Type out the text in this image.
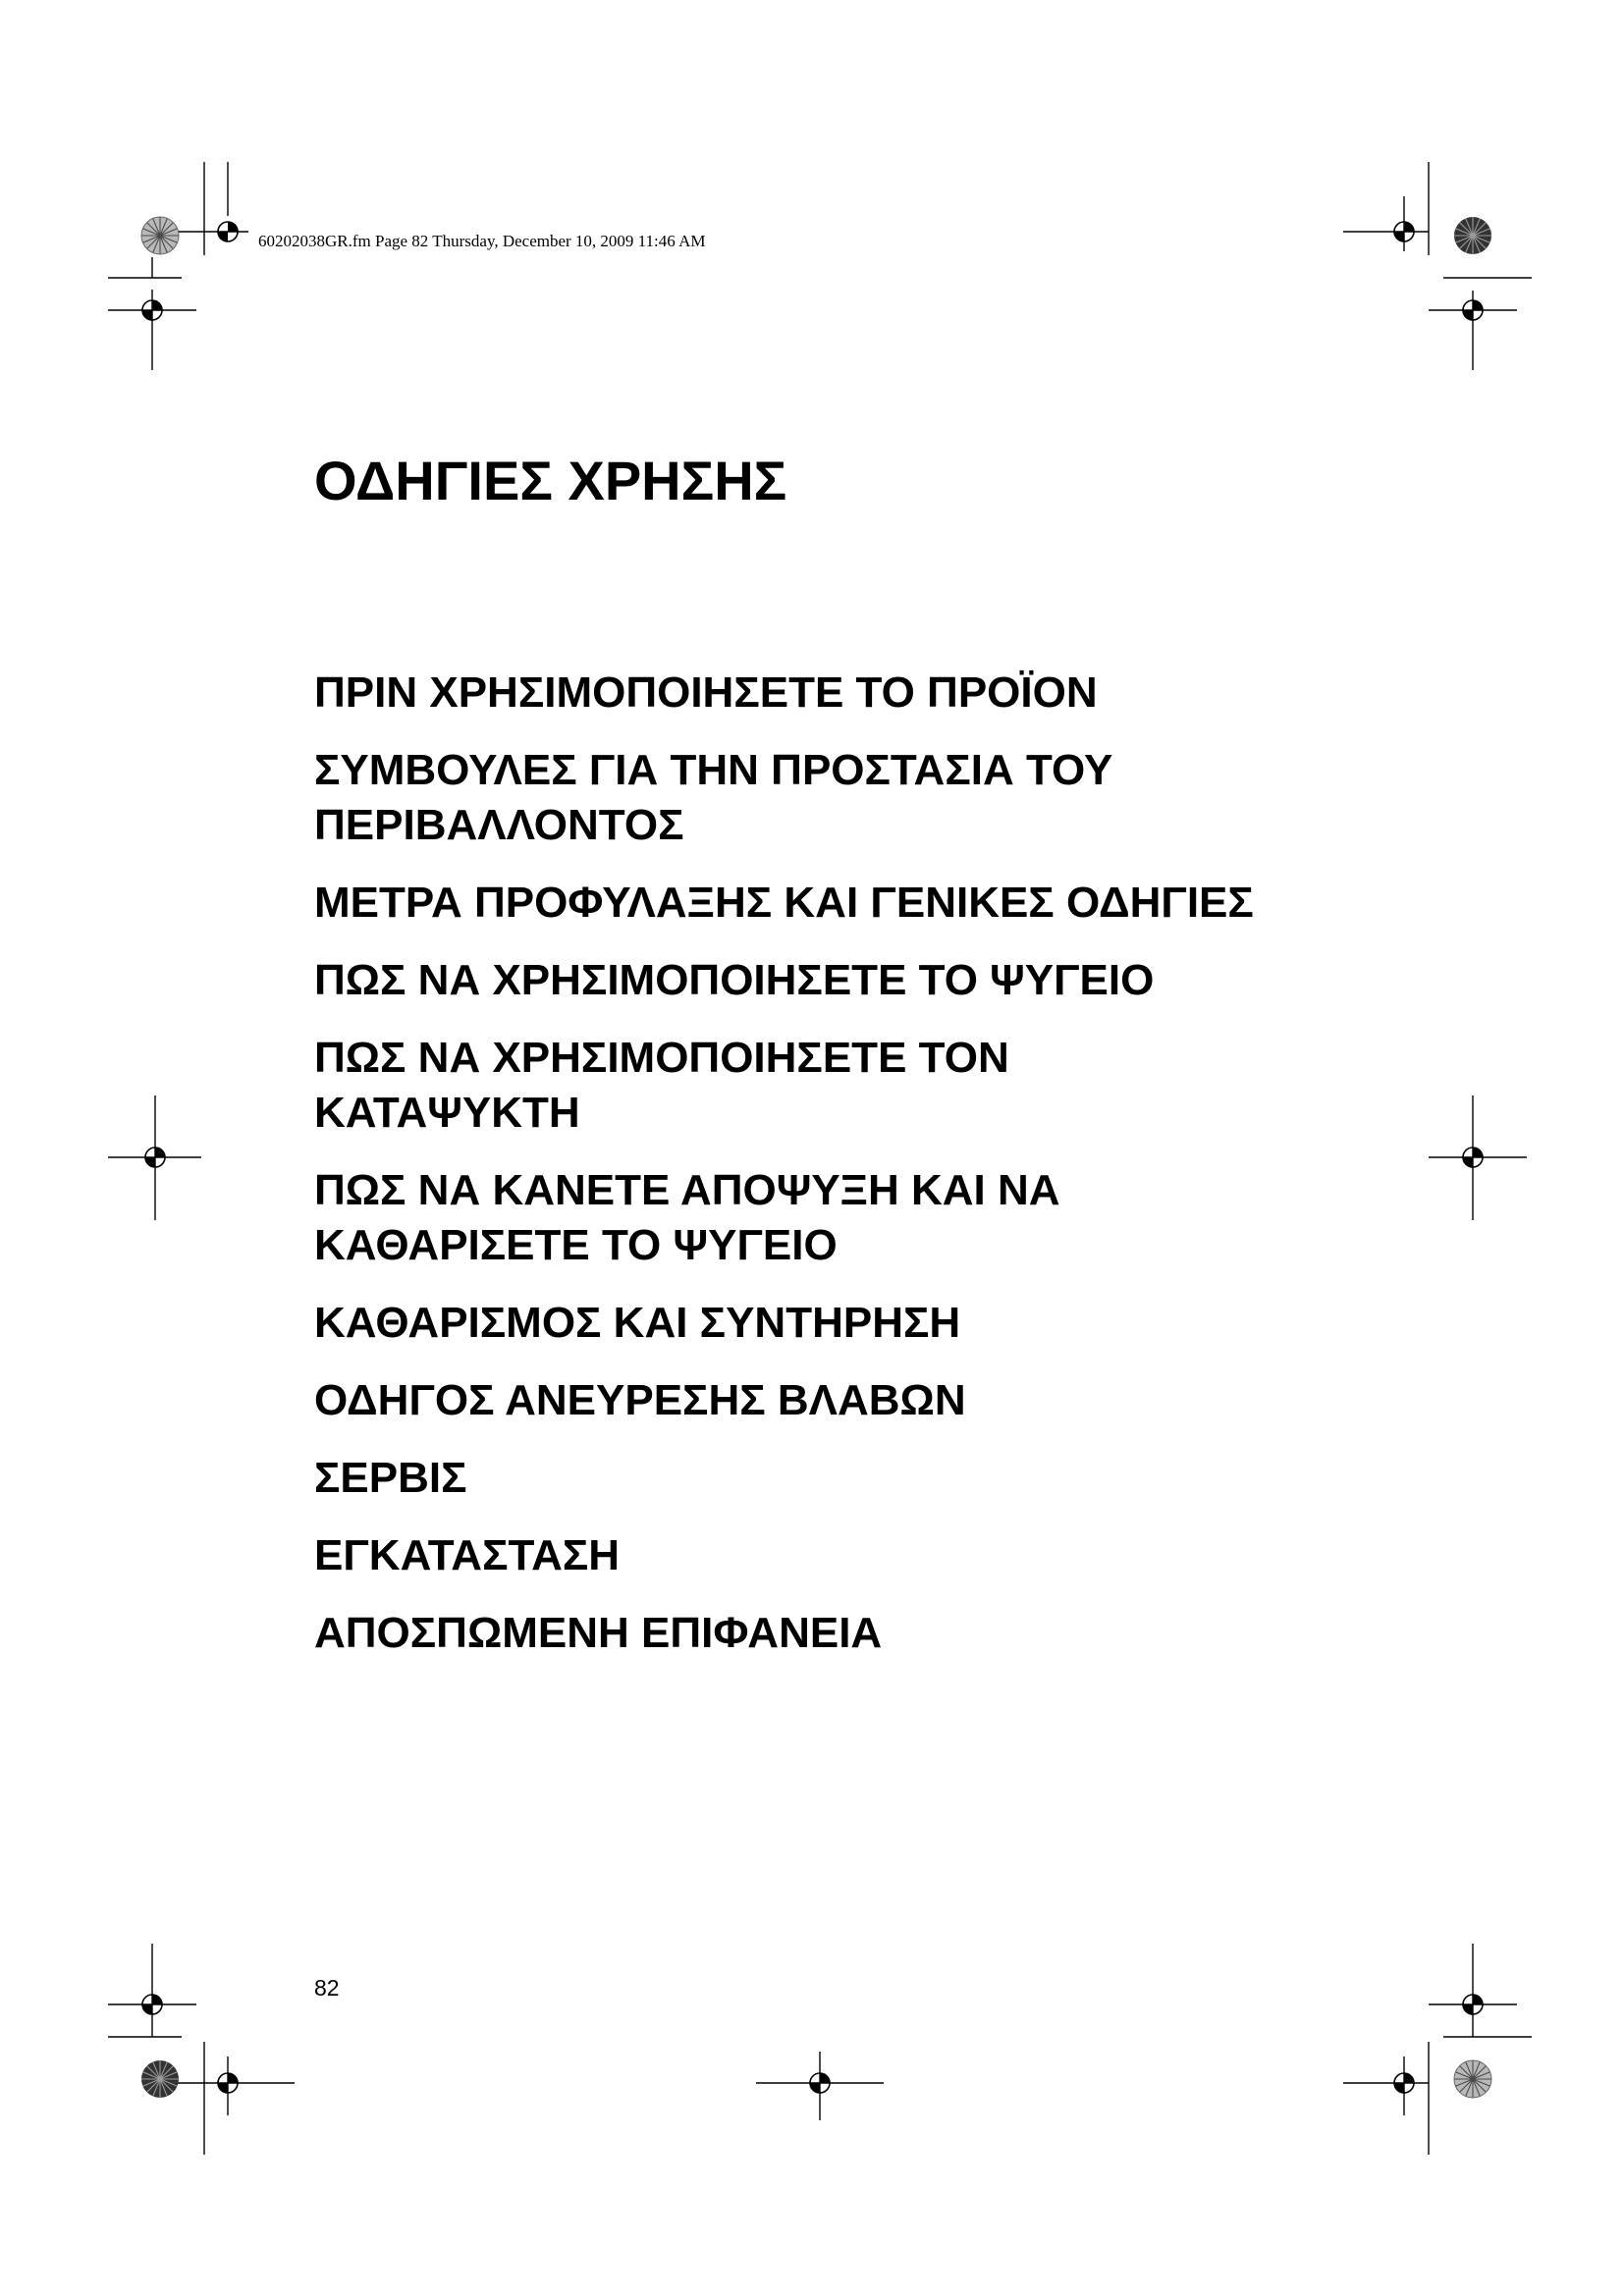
60202038GR.fm Page 82 Thursday, December 10, 2009 11:46 AM
ΟΔΗΓΙΕΣ ΧΡΗΣΗΣ
ΠΡΙΝ ΧΡΗΣΙΜΟΠΟΙΗΣΕΤΕ ΤΟ ΠΡΟΪΟΝ
ΣΥΜΒΟΥΛΕΣ ΓΙΑ ΤΗΝ ΠΡΟΣΤΑΣΙΑ ΤΟΥ ΠΕΡΙΒΑΛΛΟΝΤΟΣ
ΜΕΤΡΑ ΠΡΟΦΥΛΑΞΗΣ ΚΑΙ ΓΕΝΙΚΕΣ ΟΔΗΓΙΕΣ
ΠΩΣ ΝΑ ΧΡΗΣΙΜΟΠΟΙΗΣΕΤΕ ΤΟ ΨΥΓΕΙΟ
ΠΩΣ ΝΑ ΧΡΗΣΙΜΟΠΟΙΗΣΕΤΕ ΤΟΝ ΚΑΤΑΨΥΚΤΗ
ΠΩΣ ΝΑ ΚΑΝΕΤΕ ΑΠΟΨΥΞΗ ΚΑΙ ΝΑ ΚΑΘΑΡΙΣΕΤΕ ΤΟ ΨΥΓΕΙΟ
ΚΑΘΑΡΙΣΜΟΣ ΚΑΙ ΣΥΝΤΗΡΗΣΗ
ΟΔΗΓΟΣ ΑΝΕΥΡΕΣΗΣ ΒΛΑΒΩΝ
ΣΕΡΒΙΣ
ΕΓΚΑΤΑΣΤΑΣΗ
ΑΠΟΣΠΩΜΕΝΗ ΕΠΙΦΑΝΕΙΑ
82
